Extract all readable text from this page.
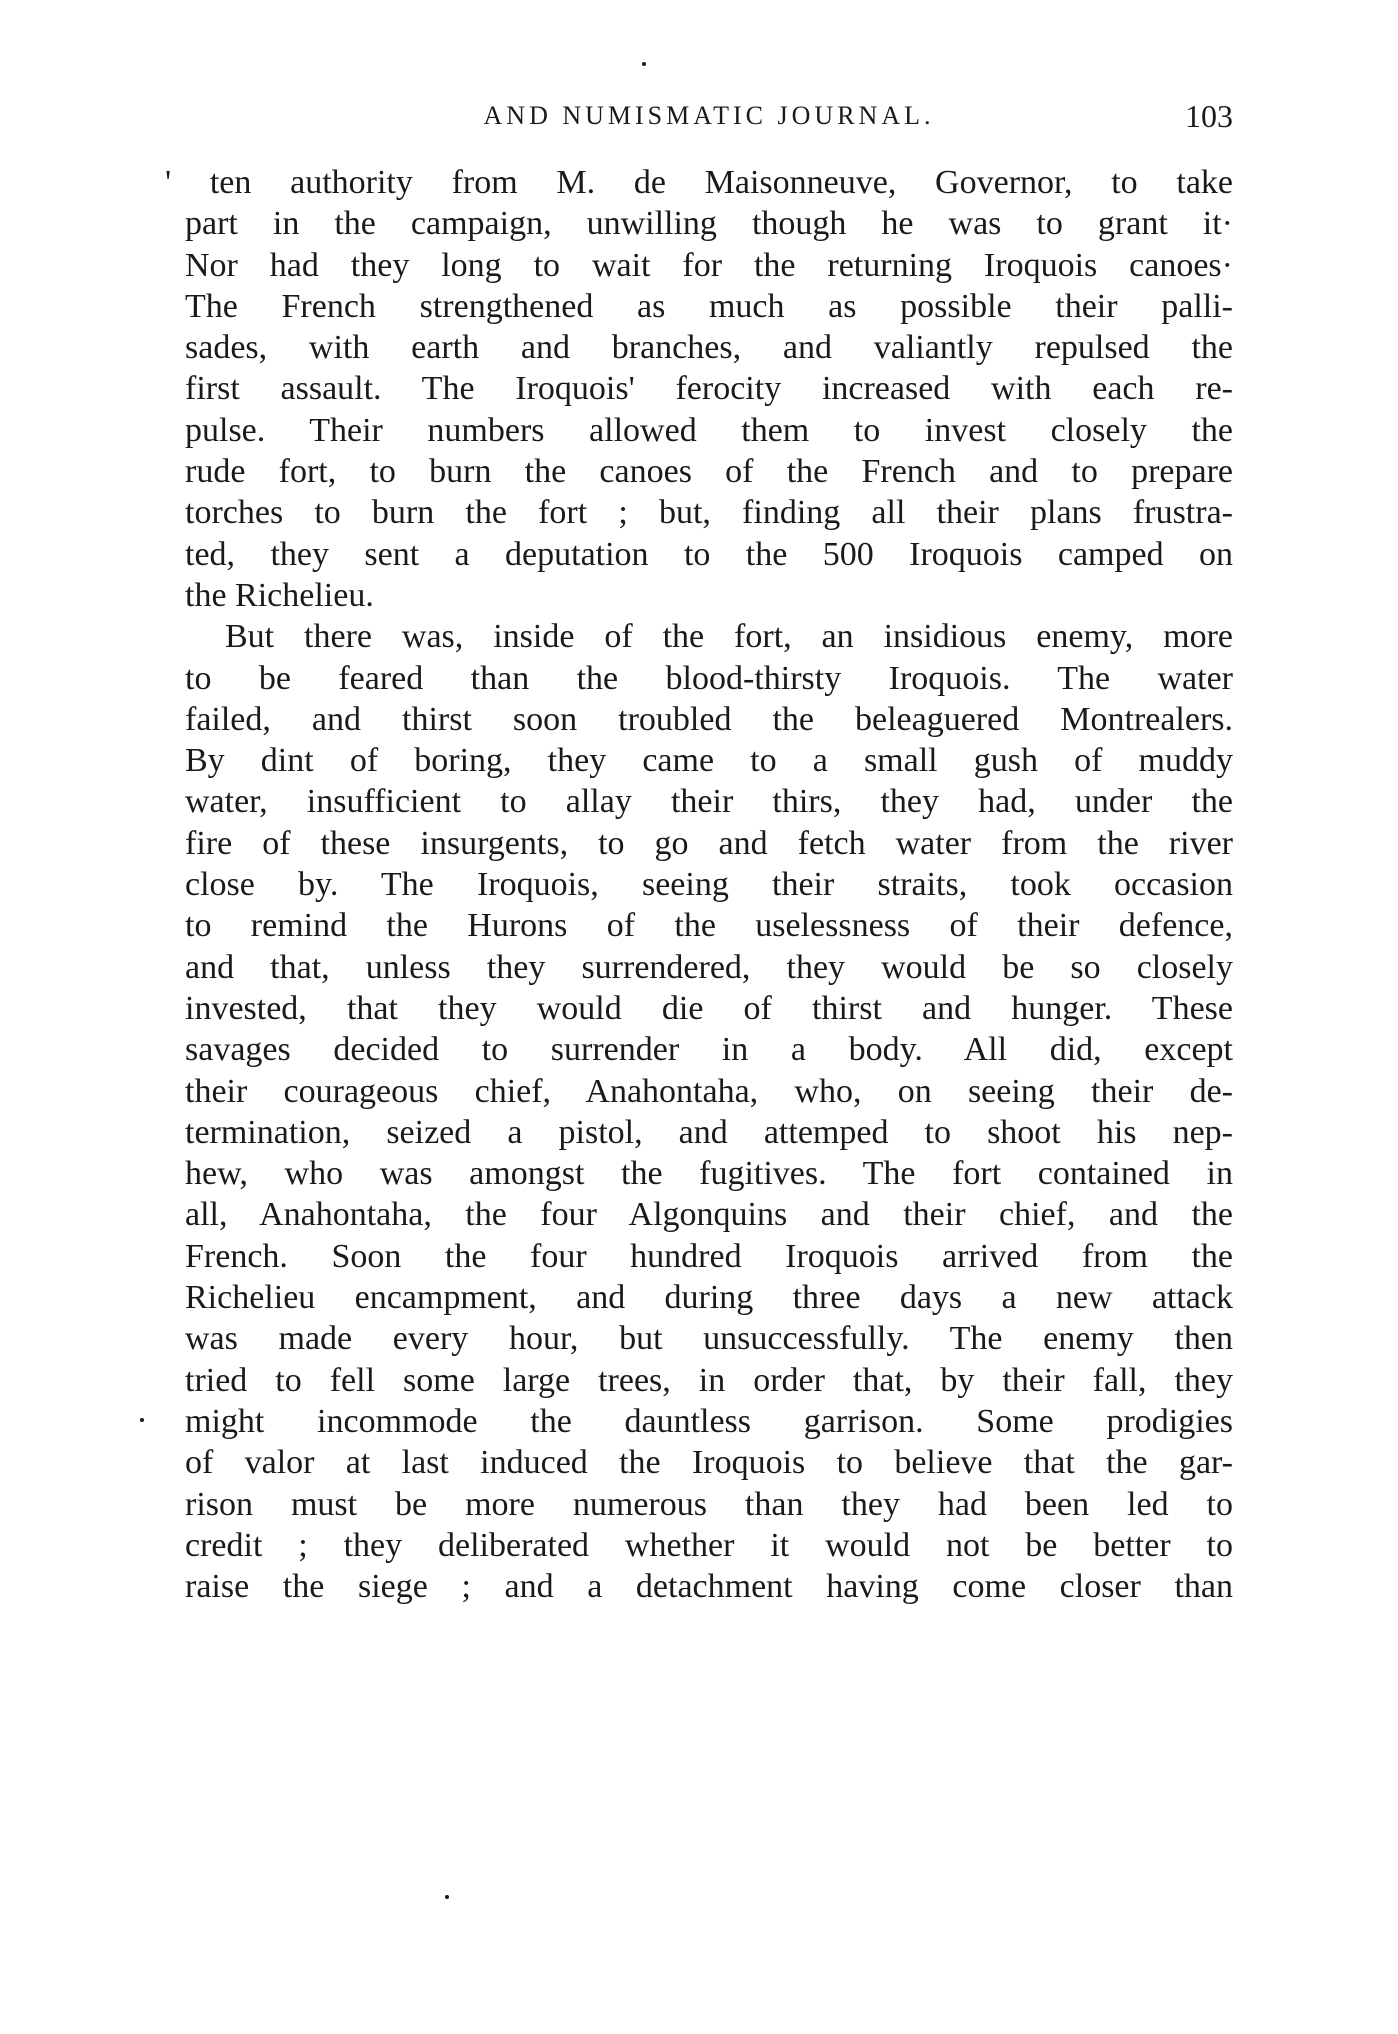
AND NUMISMATIC JOURNAL.	103
' ten authority from M. de Maisonneuve, Governor, to take
part in the campaign, unwilling though he was to grant it·
Nor had they long to wait for the returning Iroquois canoes·
The French strengthened as much as possible their palli-
sades, with earth and branches, and valiantly repulsed the
first assault. The Iroquois' ferocity increased with each re-
pulse. Their numbers allowed them to invest closely the
rude fort, to burn the canoes of the French and to prepare
torches to burn the fort ; but, finding all their plans frustra-
ted, they sent a deputation to the 500 Iroquois camped on
the Richelieu.
But there was, inside of the fort, an insidious enemy, more
to be feared than the blood-thirsty Iroquois. The water
failed, and thirst soon troubled the beleaguered Montrealers.
By dint of boring, they came to a small gush of muddy
water, insufficient to allay their thirs, they had, under the
fire of these insurgents, to go and fetch water from the river
close by. The Iroquois, seeing their straits, took occasion
to remind the Hurons of the uselessness of their defence,
and that, unless they surrendered, they would be so closely
invested, that they would die of thirst and hunger. These
savages decided to surrender in a body. All did, except
their courageous chief, Anahontaha, who, on seeing their de-
termination, seized a pistol, and attemped to shoot his nep-
hew, who was amongst the fugitives. The fort contained in
all, Anahontaha, the four Algonquins and their chief, and the
French. Soon the four hundred Iroquois arrived from the
Richelieu encampment, and during three days a new attack
was made every hour, but unsuccessfully. The enemy then
tried to fell some large trees, in order that, by their fall, they
might incommode the dauntless garrison. Some prodigies
of valor at last induced the Iroquois to believe that the gar-
rison must be more numerous than they had been led to
credit ; they deliberated whether it would not be better to
raise the siege ; and a detachment having come closer than
